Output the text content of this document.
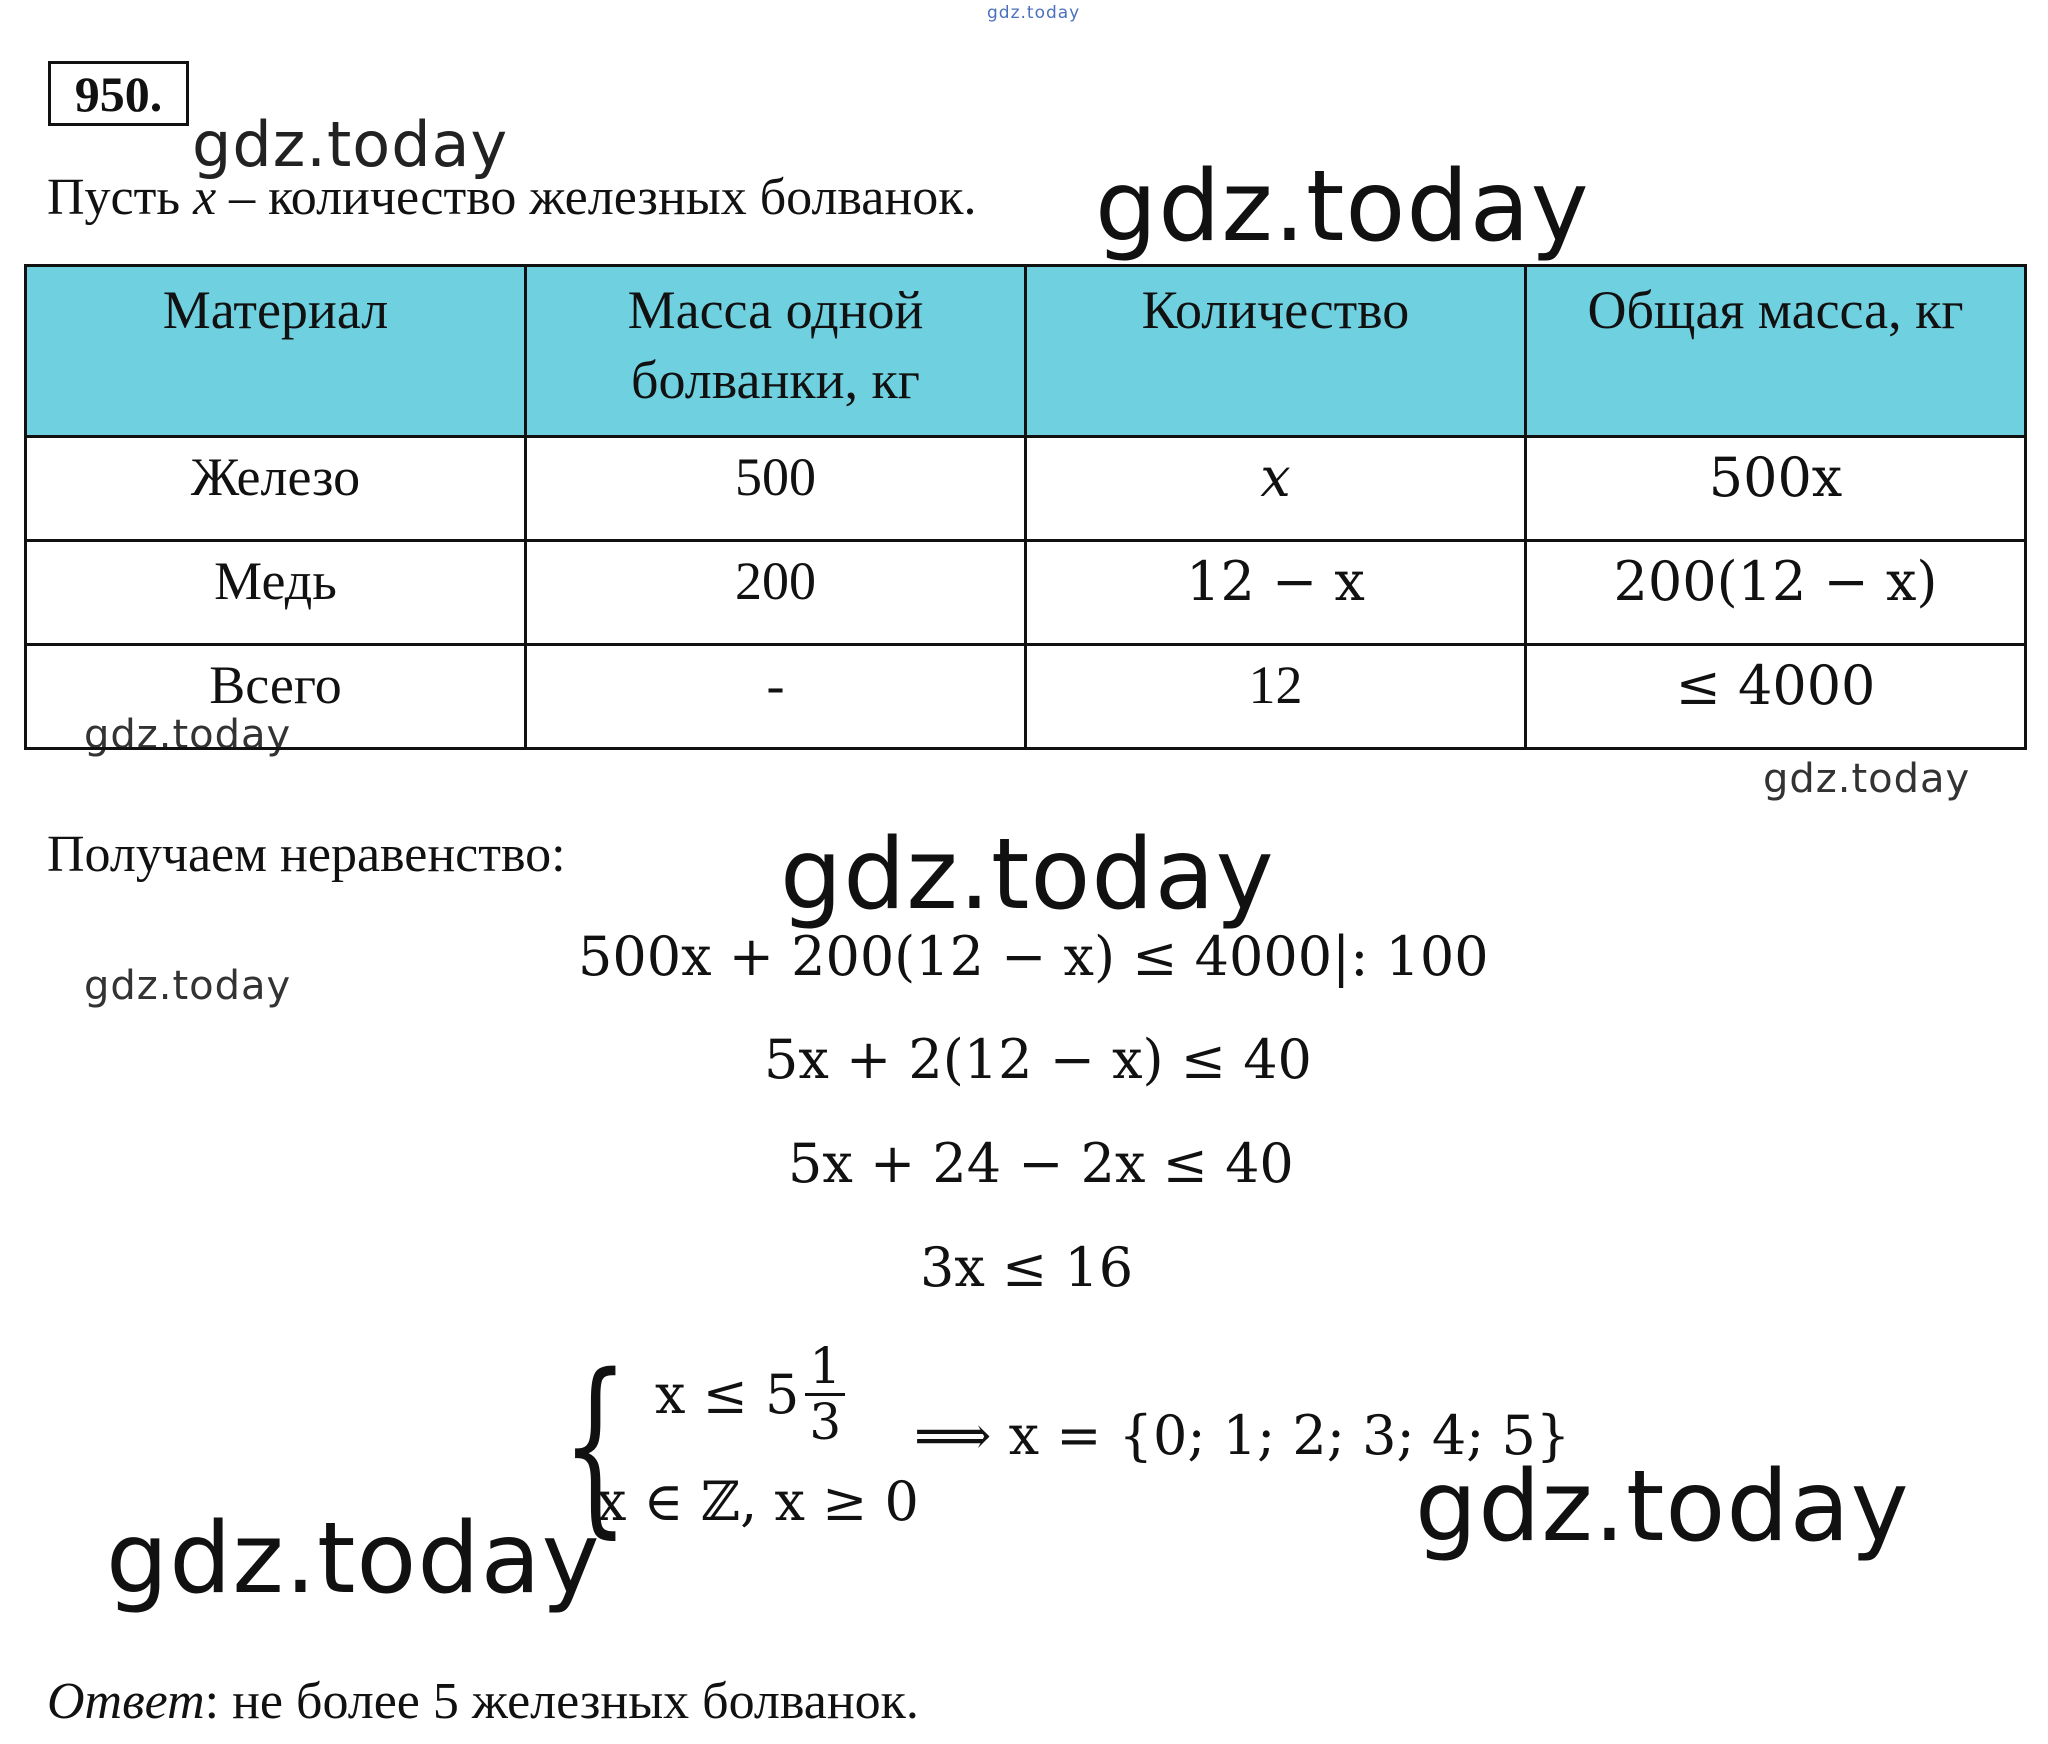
gdz.today
gdz.today
gdz.today
gdz.today
gdz.today
gdz.today
gdz.today
gdz.today
gdz.today
950.
Пусть x – количество железных болванок.
Материал	Масса одной болванки, кг	Количество	Общая масса, кг
Железо	500	x	500x
Медь	200	12 − x	200(12 − x)
Всего	-	12	≤ 4000
Получаем неравенство:
500x + 200(12 − x) ≤ 4000 |: 100
5x + 2(12 − x) ≤ 40
5x + 24 − 2x ≤ 40
3x ≤ 16
{ $x \le 5 \frac{1}{3}$
x ∈ ℤ, x ≥ 0
⟹ x = {0; 1; 2; 3; 4; 5}
Ответ: не более 5 железных болванок.
